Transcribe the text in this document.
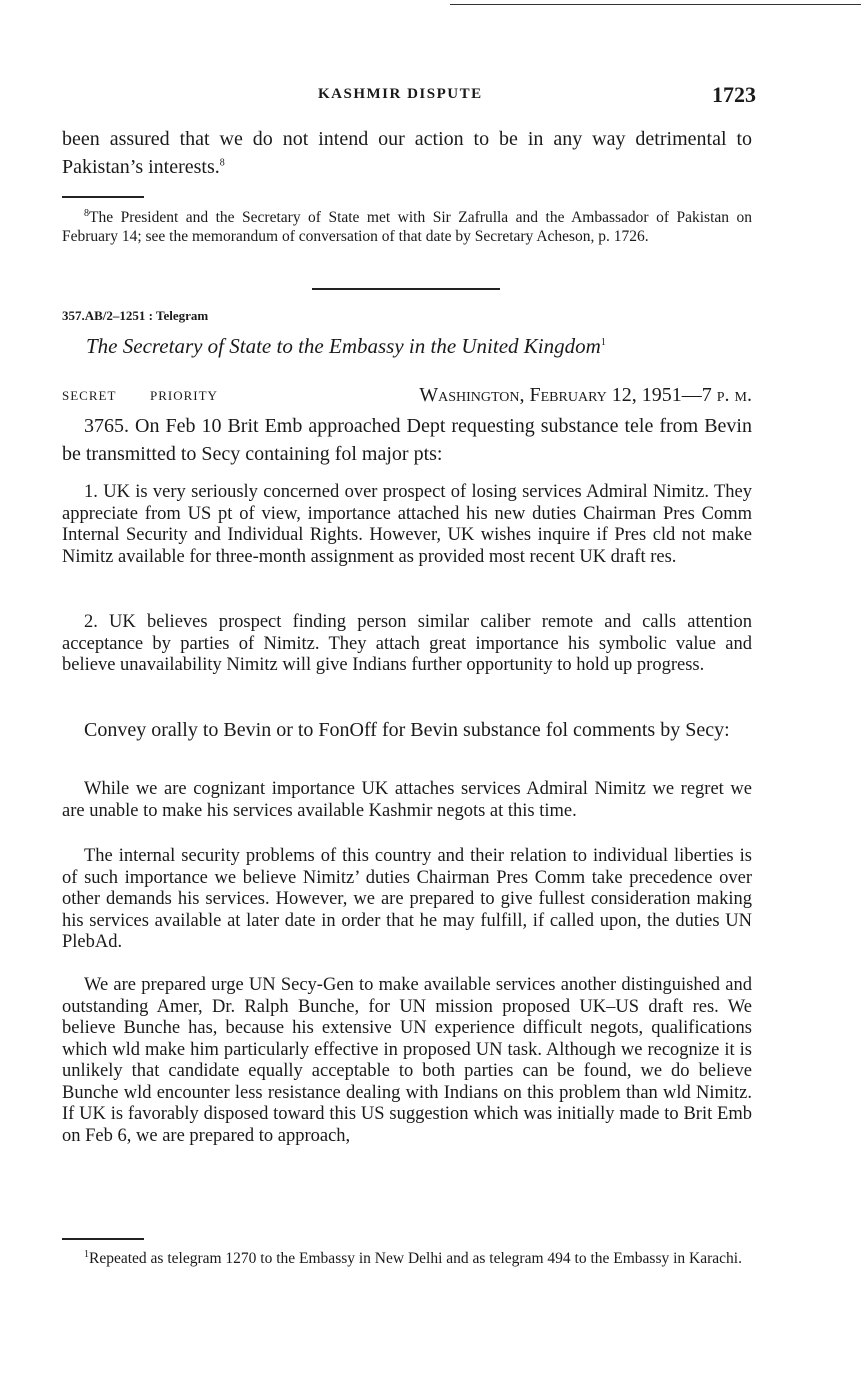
KASHMIR DISPUTE	1723

been assured that we do not intend our action to be in any way detrimental to Pakistan’s interests.$^8$

$^8$The President and the Secretary of State met with Sir Zafrulla and the Ambassador of Pakistan on February 14; see the memorandum of conversation of that date by Secretary Acheson, p. 1726.

357.AB/2–1251 : Telegram
The Secretary of State to the Embassy in the United Kingdom$^1$
SECRET	PRIORITY	Washington, February 12, 1951—7 p. m.

3765. On Feb 10 Brit Emb approached Dept requesting substance tele from Bevin be transmitted to Secy containing fol major pts:

1. UK is very seriously concerned over prospect of losing services Admiral Nimitz. They appreciate from US pt of view, importance attached his new duties Chairman Pres Comm Internal Security and Individual Rights. However, UK wishes inquire if Pres cld not make Nimitz available for three-month assignment as provided most recent UK draft res.

2. UK believes prospect finding person similar caliber remote and calls attention acceptance by parties of Nimitz. They attach great importance his symbolic value and believe unavailability Nimitz will give Indians further opportunity to hold up progress.

Convey orally to Bevin or to FonOff for Bevin substance fol comments by Secy:

While we are cognizant importance UK attaches services Admiral Nimitz we regret we are unable to make his services available Kashmir negots at this time.

The internal security problems of this country and their relation to individual liberties is of such importance we believe Nimitz’ duties Chairman Pres Comm take precedence over other demands his services. However, we are prepared to give fullest consideration making his services available at later date in order that he may fulfill, if called upon, the duties UN PlebAd.

We are prepared urge UN Secy-Gen to make available services another distinguished and outstanding Amer, Dr. Ralph Bunche, for UN mission proposed UK–US draft res. We believe Bunche has, because his extensive UN experience difficult negots, qualifications which wld make him particularly effective in proposed UN task. Although we recognize it is unlikely that candidate equally acceptable to both parties can be found, we do believe Bunche wld encounter less resistance dealing with Indians on this problem than wld Nimitz. If UK is favorably disposed toward this US suggestion which was initially made to Brit Emb on Feb 6, we are prepared to approach,

$^1$Repeated as telegram 1270 to the Embassy in New Delhi and as telegram 494 to the Embassy in Karachi.
